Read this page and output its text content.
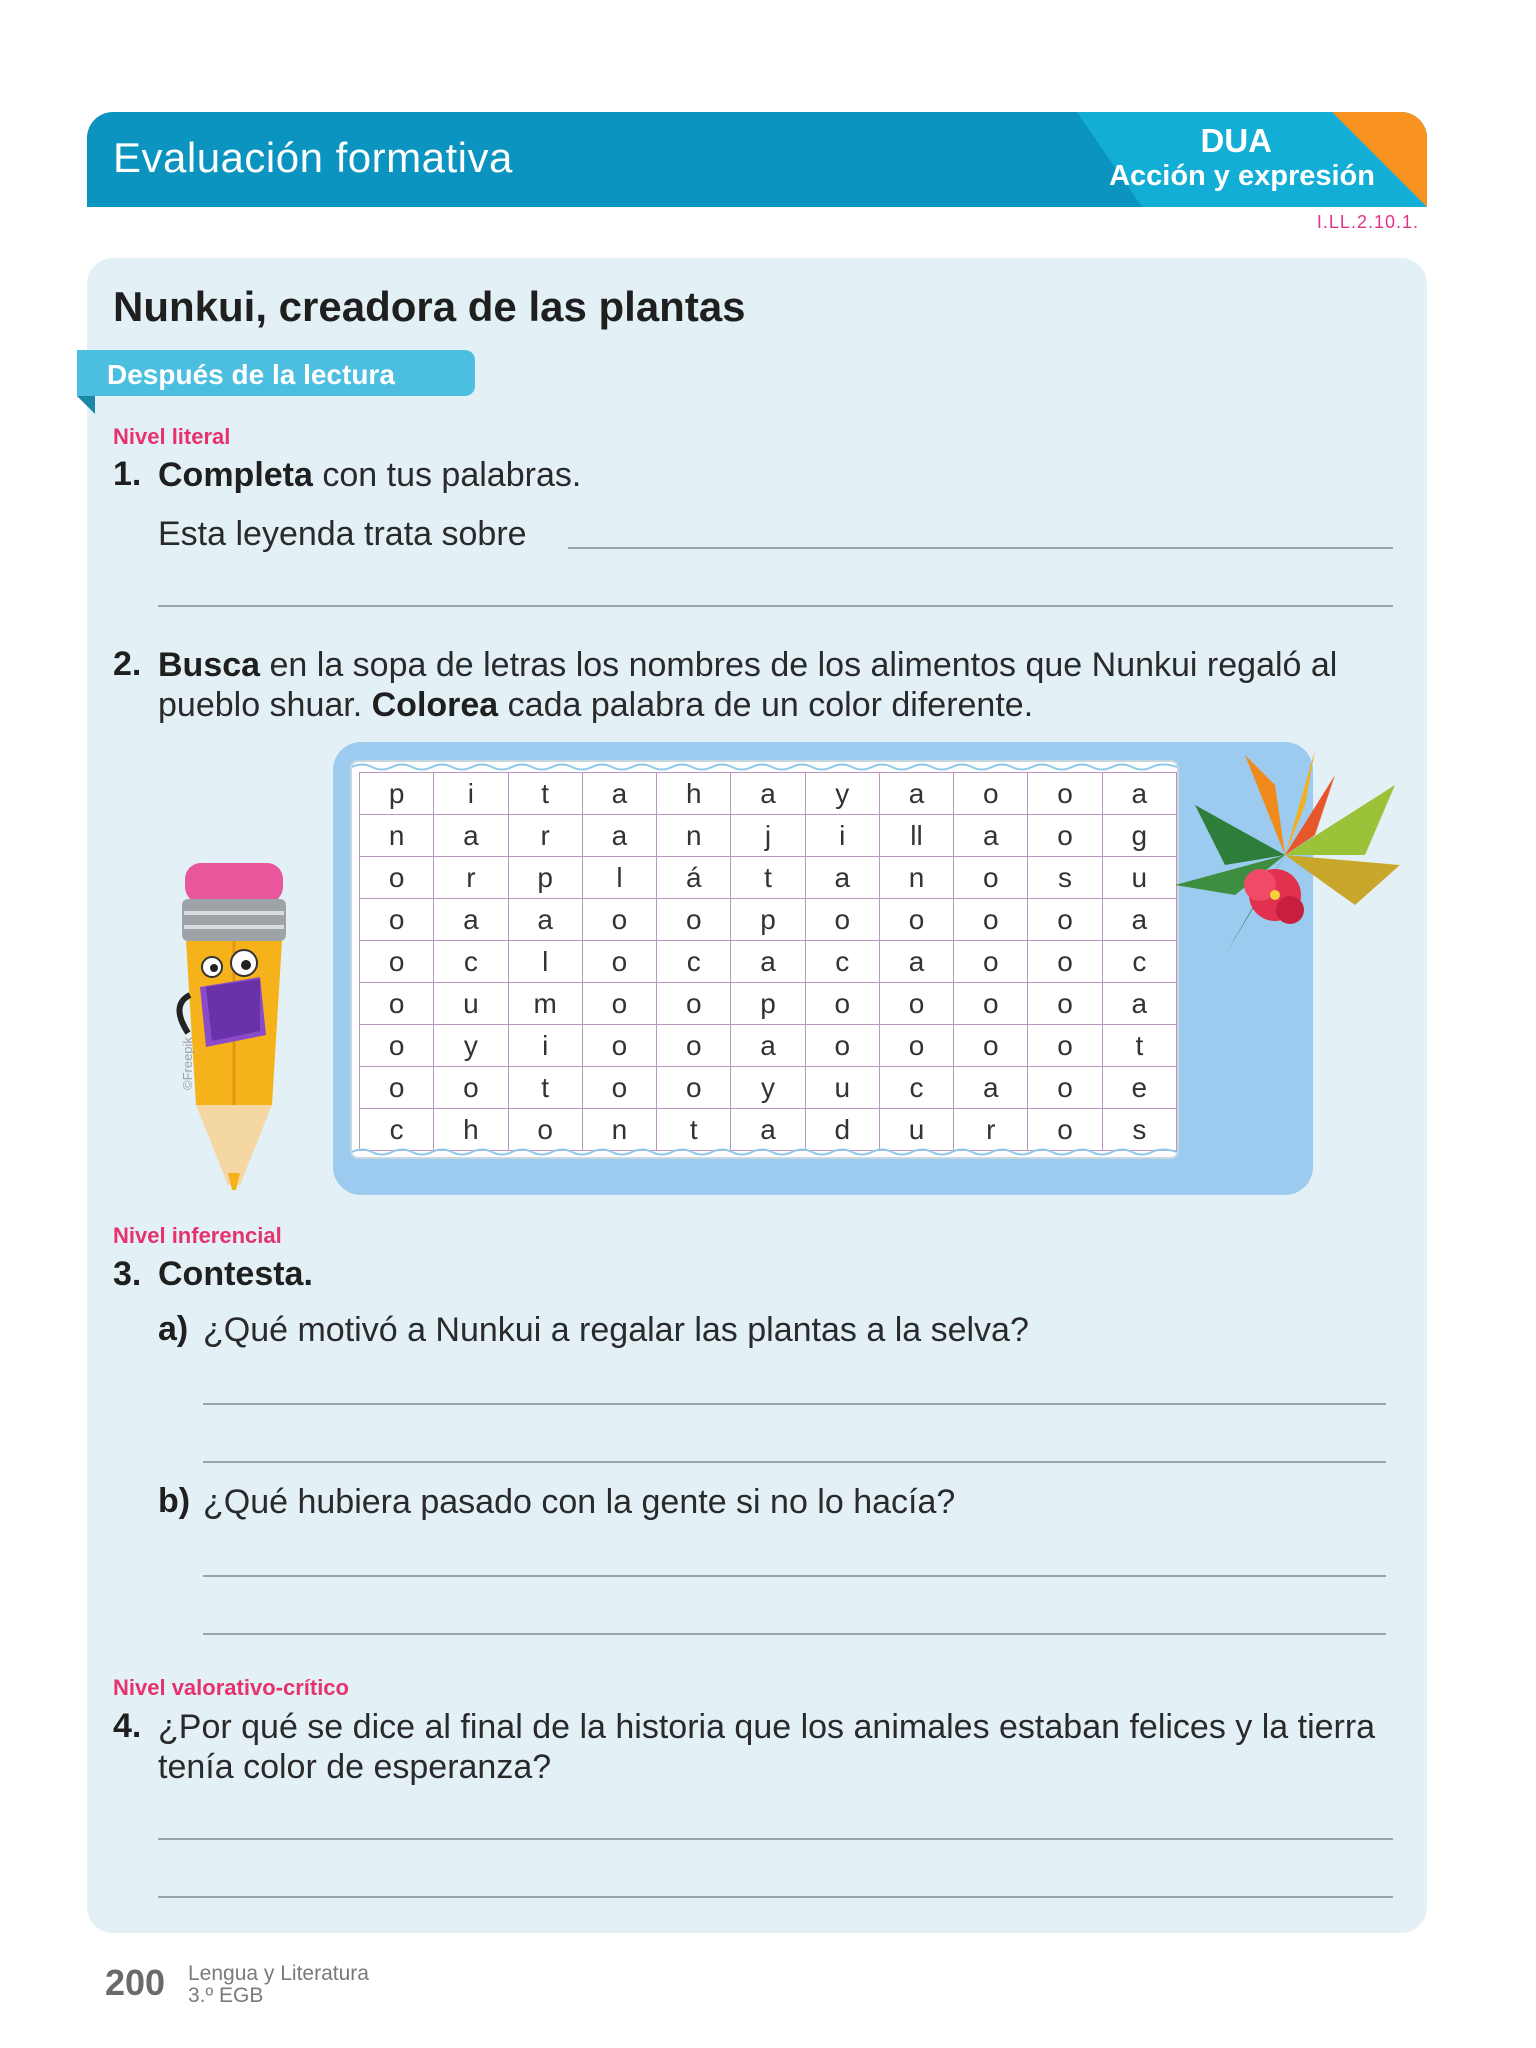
Evaluación formativa	DUA
Acción y expresión
I.LL.2.10.1.
Nunkui, creadora de las plantas
Después de la lectura
Nivel literal
1. Completa con tus palabras.
Esta leyenda trata sobre
2. Busca en la sopa de letras los nombres de los alimentos que Nunkui regaló al pueblo shuar. Colorea cada palabra de un color diferente.
p	i	t	a	h	a	y	a	o	o	a
n	a	r	a	n	j	i	ll	a	o	g
o	r	p	l	á	t	a	n	o	s	u
o	a	a	o	o	p	o	o	o	o	a
o	c	l	o	c	a	c	a	o	o	c
o	u	m	o	o	p	o	o	o	o	a
o	y	i	o	o	a	o	o	o	o	t
o	o	t	o	o	y	u	c	a	o	e
c	h	o	n	t	a	d	u	r	o	s
©Freepik
Nivel inferencial
3. Contesta.
a) ¿Qué motivó a Nunkui a regalar las plantas a la selva?
b) ¿Qué hubiera pasado con la gente si no lo hacía?
Nivel valorativo-crítico
4. ¿Por qué se dice al final de la historia que los animales estaban felices y la tierra tenía color de esperanza?
200 Lengua y Literatura
3.º EGB
